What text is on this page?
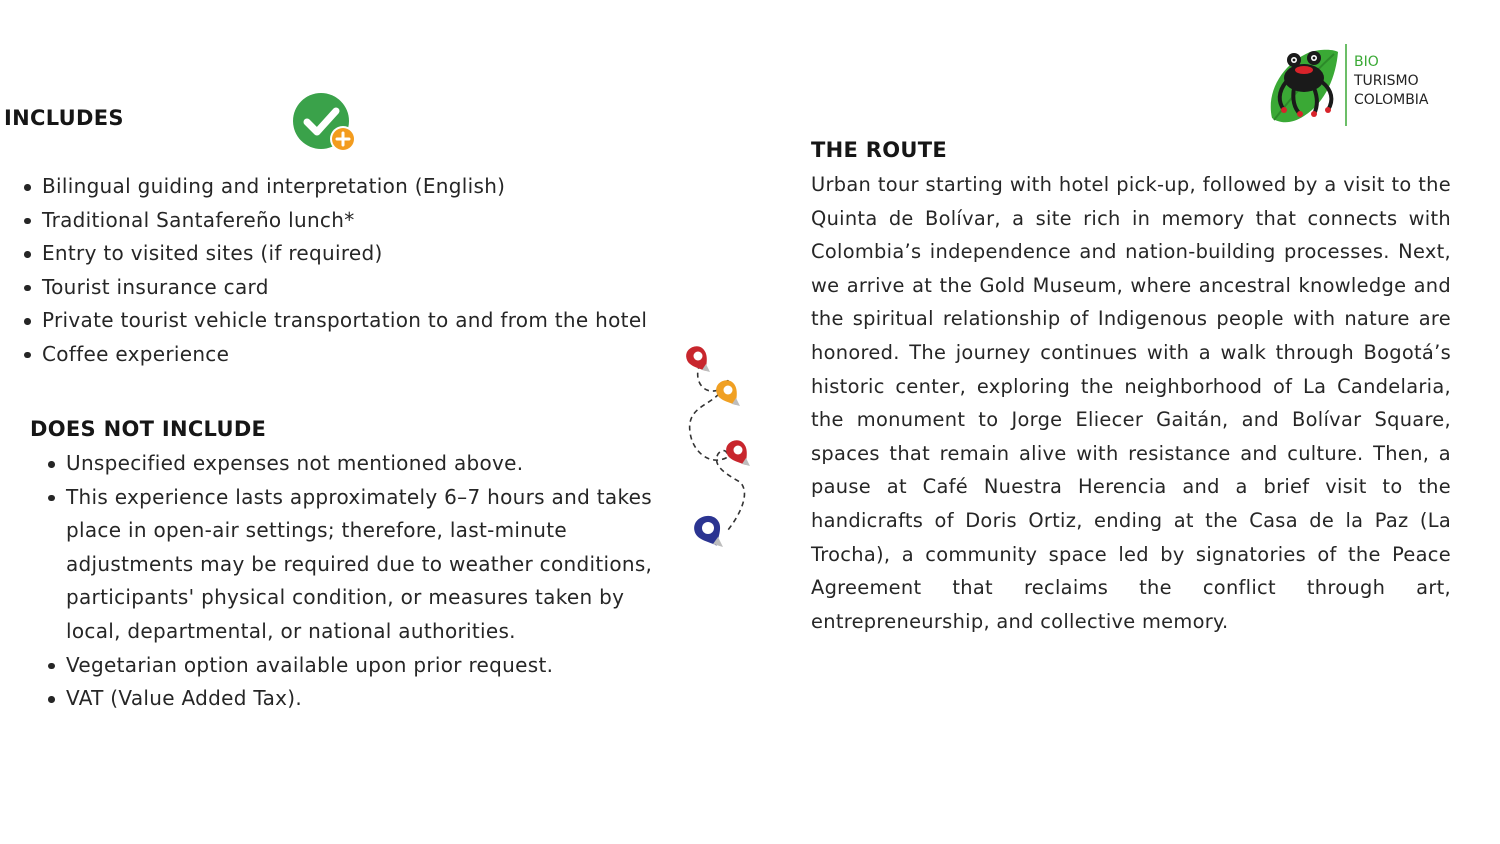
BIO
TURISMO
COLOMBIA
INCLUDES
Bilingual guiding and interpretation (English)
Traditional Santafereño lunch*
Entry to visited sites (if required)
Tourist insurance card
Private tourist vehicle transportation to and from the hotel
Coffee experience
DOES NOT INCLUDE
Unspecified expenses not mentioned above.
This experience lasts approximately 6–7 hours and takes place in open-air settings; therefore, last-minute adjustments may be required due to weather conditions, participants' physical condition, or measures taken by local, departmental, or national authorities.
Vegetarian option available upon prior request.
VAT (Value Added Tax).
THE ROUTE

Urban tour starting with hotel pick-up, followed by a visit to the Quinta de Bolívar, a site rich in memory that connects with Colombia’s independence and nation-building processes. Next, we arrive at the Gold Museum, where ancestral knowledge and the spiritual relationship of Indigenous people with nature are honored. The journey continues with a walk through Bogotá’s historic center, exploring the neighborhood of La Candelaria, the monument to Jorge Eliecer Gaitán, and Bolívar Square, spaces that remain alive with resistance and culture. Then, a pause at Café Nuestra Herencia and a brief visit to the handicrafts of Doris Ortiz, ending at the Casa de la Paz (La Trocha), a community space led by signatories of the Peace Agreement that reclaims the conflict through art, entrepreneurship, and collective memory.
